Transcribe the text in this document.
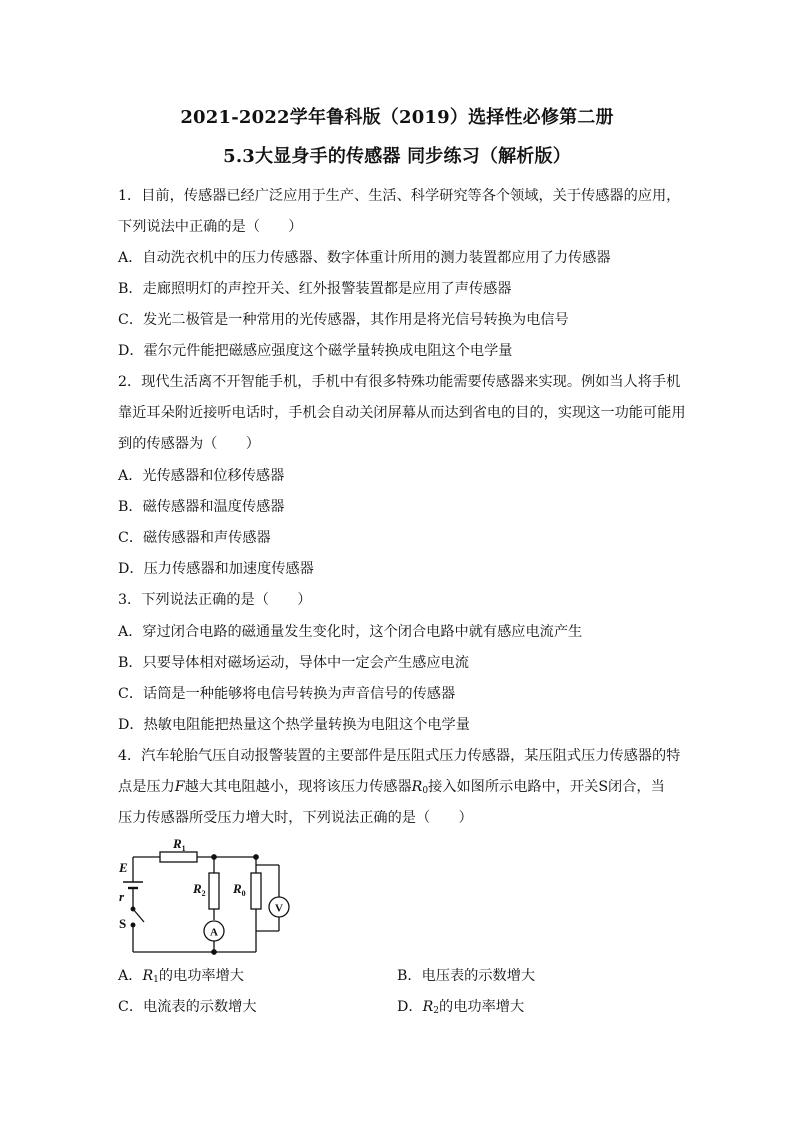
2021-2022学年鲁科版（2019）选择性必修第二册
5.3大显身手的传感器 同步练习（解析版）
1．目前，传感器已经广泛应用于生产、生活、科学研究等各个领域，关于传感器的应用，
下列说法中正确的是（　　）
A．自动洗衣机中的压力传感器、数字体重计所用的测力装置都应用了力传感器
B．走廊照明灯的声控开关、红外报警装置都是应用了声传感器
C．发光二极管是一种常用的光传感器，其作用是将光信号转换为电信号
D．霍尔元件能把磁感应强度这个磁学量转换成电阻这个电学量
2．现代生活离不开智能手机，手机中有很多特殊功能需要传感器来实现。例如当人将手机
靠近耳朵附近接听电话时，手机会自动关闭屏幕从而达到省电的目的，实现这一功能可能用
到的传感器为（　　）
A．光传感器和位移传感器
B．磁传感器和温度传感器
C．磁传感器和声传感器
D．压力传感器和加速度传感器
3．下列说法正确的是（　　）
A．穿过闭合电路的磁通量发生变化时，这个闭合电路中就有感应电流产生
B．只要导体相对磁场运动，导体中一定会产生感应电流
C．话筒是一种能够将电信号转换为声音信号的传感器
D．热敏电阻能把热量这个热学量转换为电阻这个电学量
4．汽车轮胎气压自动报警装置的主要部件是压阻式压力传感器，某压阻式压力传感器的特
点是压力F越大其电阻越小，现将该压力传感器$R_0$接入如图所示电路中，开关S闭合，当
压力传感器所受压力增大时，下列说法正确的是（　　）
$R_1$
E
r
S
$R_2$ $R_0$
A
V
A．$R_1$的电功率增大	B．电压表的示数增大
C．电流表的示数增大	D．$R_2$的电功率增大
